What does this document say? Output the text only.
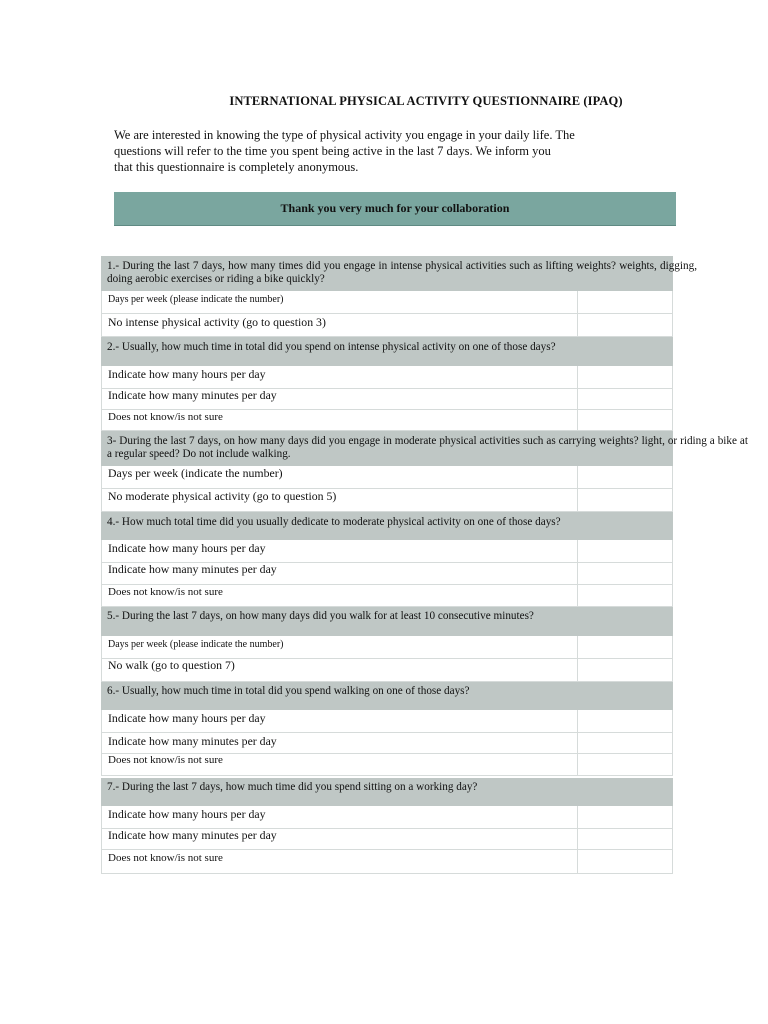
INTERNATIONAL PHYSICAL ACTIVITY QUESTIONNAIRE (IPAQ)
We are interested in knowing the type of physical activity you engage in your daily life. The
questions will refer to the time you spent being active in the last 7 days. We inform you
that this questionnaire is completely anonymous.
Thank you very much for your collaboration
1.- During the last 7 days, how many times did you engage in intense physical activities such as lifting weights? weights, digging, doing aerobic exercises or riding a bike quickly?
Days per week (please indicate the number)
No intense physical activity (go to question 3)
2.- Usually, how much time in total did you spend on intense physical activity on one of those days?
Indicate how many hours per day
Indicate how many minutes per day
Does not know/is not sure
3- During the last 7 days, on how many days did you engage in moderate physical activities such as carrying weights? light, or riding a bike at a regular speed? Do not include walking.
Days per week (indicate the number)
No moderate physical activity (go to question 5)
4.- How much total time did you usually dedicate to moderate physical activity on one of those days?
Indicate how many hours per day
Indicate how many minutes per day
Does not know/is not sure
5.- During the last 7 days, on how many days did you walk for at least 10 consecutive minutes?
Days per week (please indicate the number)
No walk (go to question 7)
6.- Usually, how much time in total did you spend walking on one of those days?
Indicate how many hours per day
Indicate how many minutes per day
Does not know/is not sure
7.- During the last 7 days, how much time did you spend sitting on a working day?
Indicate how many hours per day
Indicate how many minutes per day
Does not know/is not sure
